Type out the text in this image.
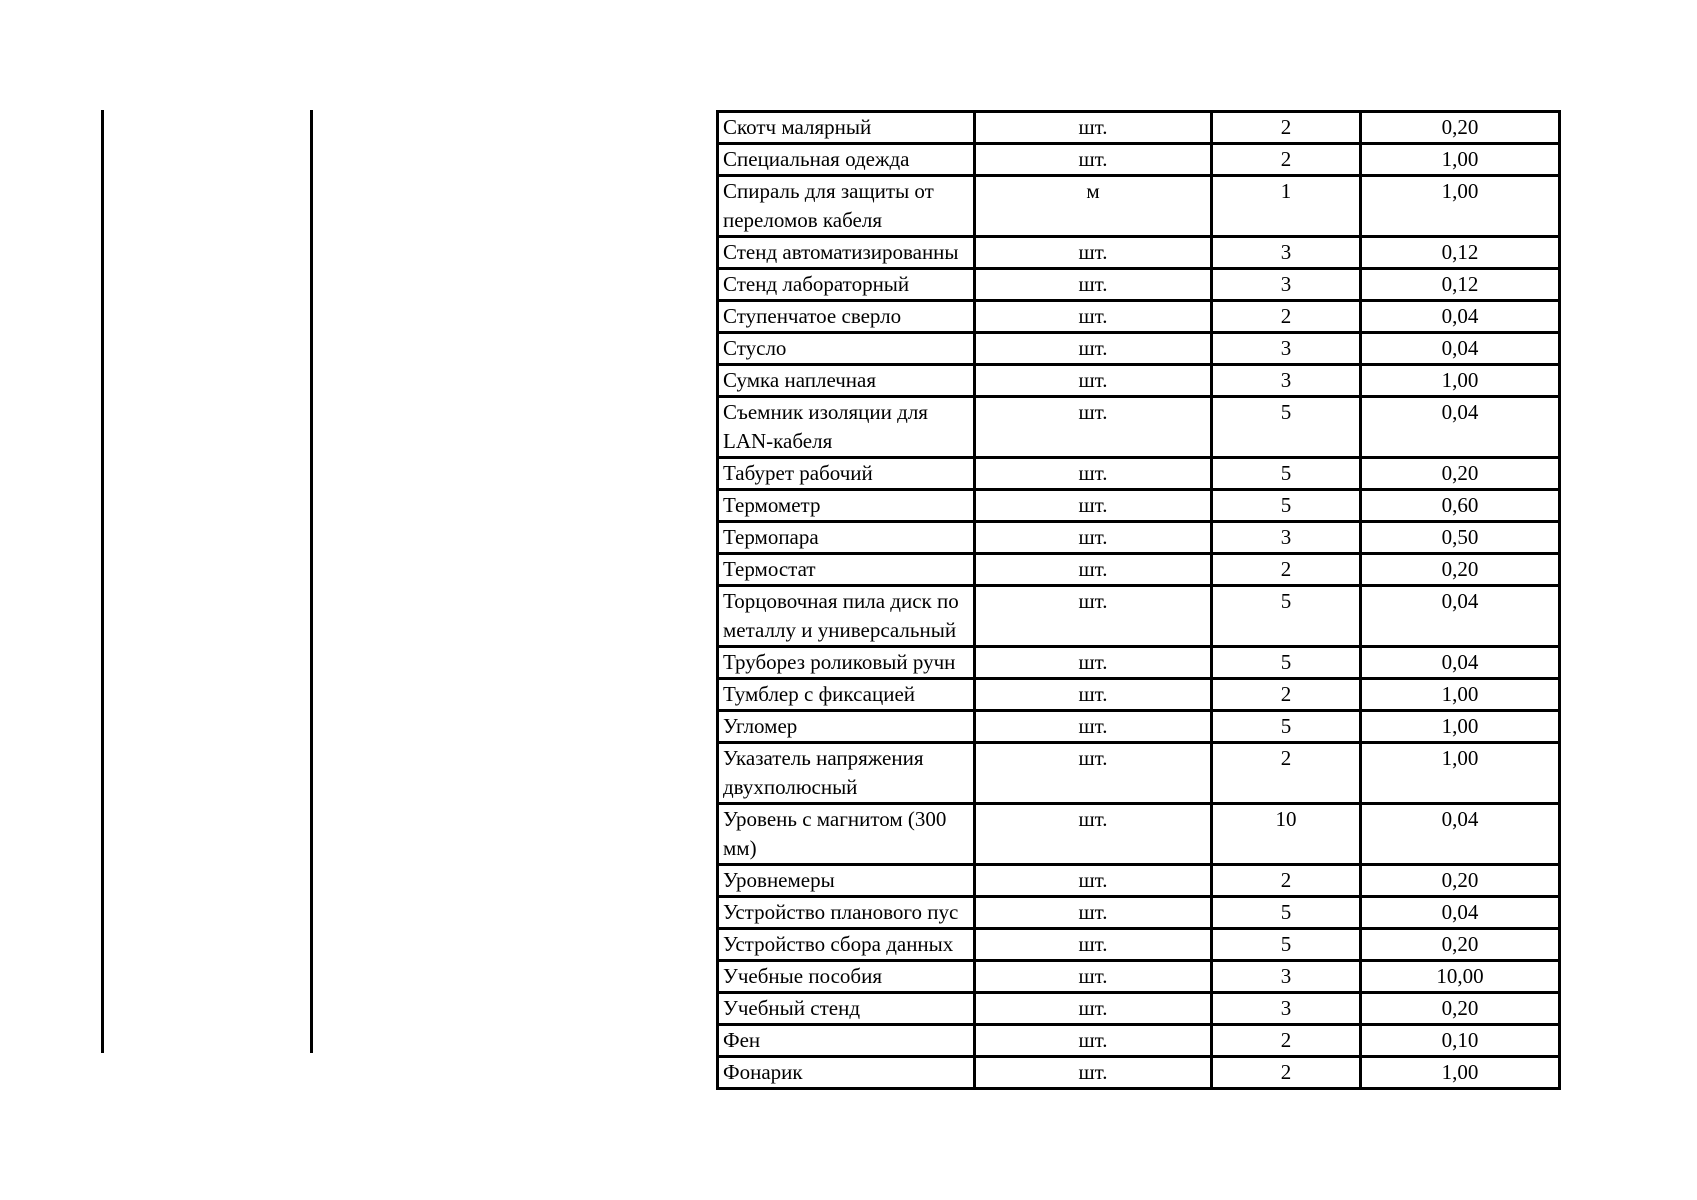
Скотч малярный	шт.	2	0,20

Специальная одежда	шт.	2	1,00

Спираль для защиты от переломов кабеля	м	1	1,00

Стенд автоматизированны	шт.	3	0,12

Стенд лабораторный	шт.	3	0,12

Ступенчатое сверло	шт.	2	0,04

Стусло	шт.	3	0,04

Сумка наплечная	шт.	3	1,00

Съемник изоляции для LAN-кабеля	шт.	5	0,04

Табурет рабочий	шт.	5	0,20

Термометр	шт.	5	0,60

Термопара	шт.	3	0,50

Термостат	шт.	2	0,20

Торцовочная пила диск по металлу и универсальный	шт.	5	0,04

Труборез роликовый ручн	шт.	5	0,04

Тумблер с фиксацией	шт.	2	1,00

Угломер	шт.	5	1,00

Указатель напряжения двухполюсный	шт.	2	1,00

Уровень с магнитом (300 мм)	шт.	10	0,04

Уровнемеры	шт.	2	0,20

Устройство планового пус	шт.	5	0,04

Устройство сбора данных	шт.	5	0,20

Учебные пособия	шт.	3	10,00

Учебный стенд	шт.	3	0,20

Фен	шт.	2	0,10

Фонарик	шт.	2	1,00
